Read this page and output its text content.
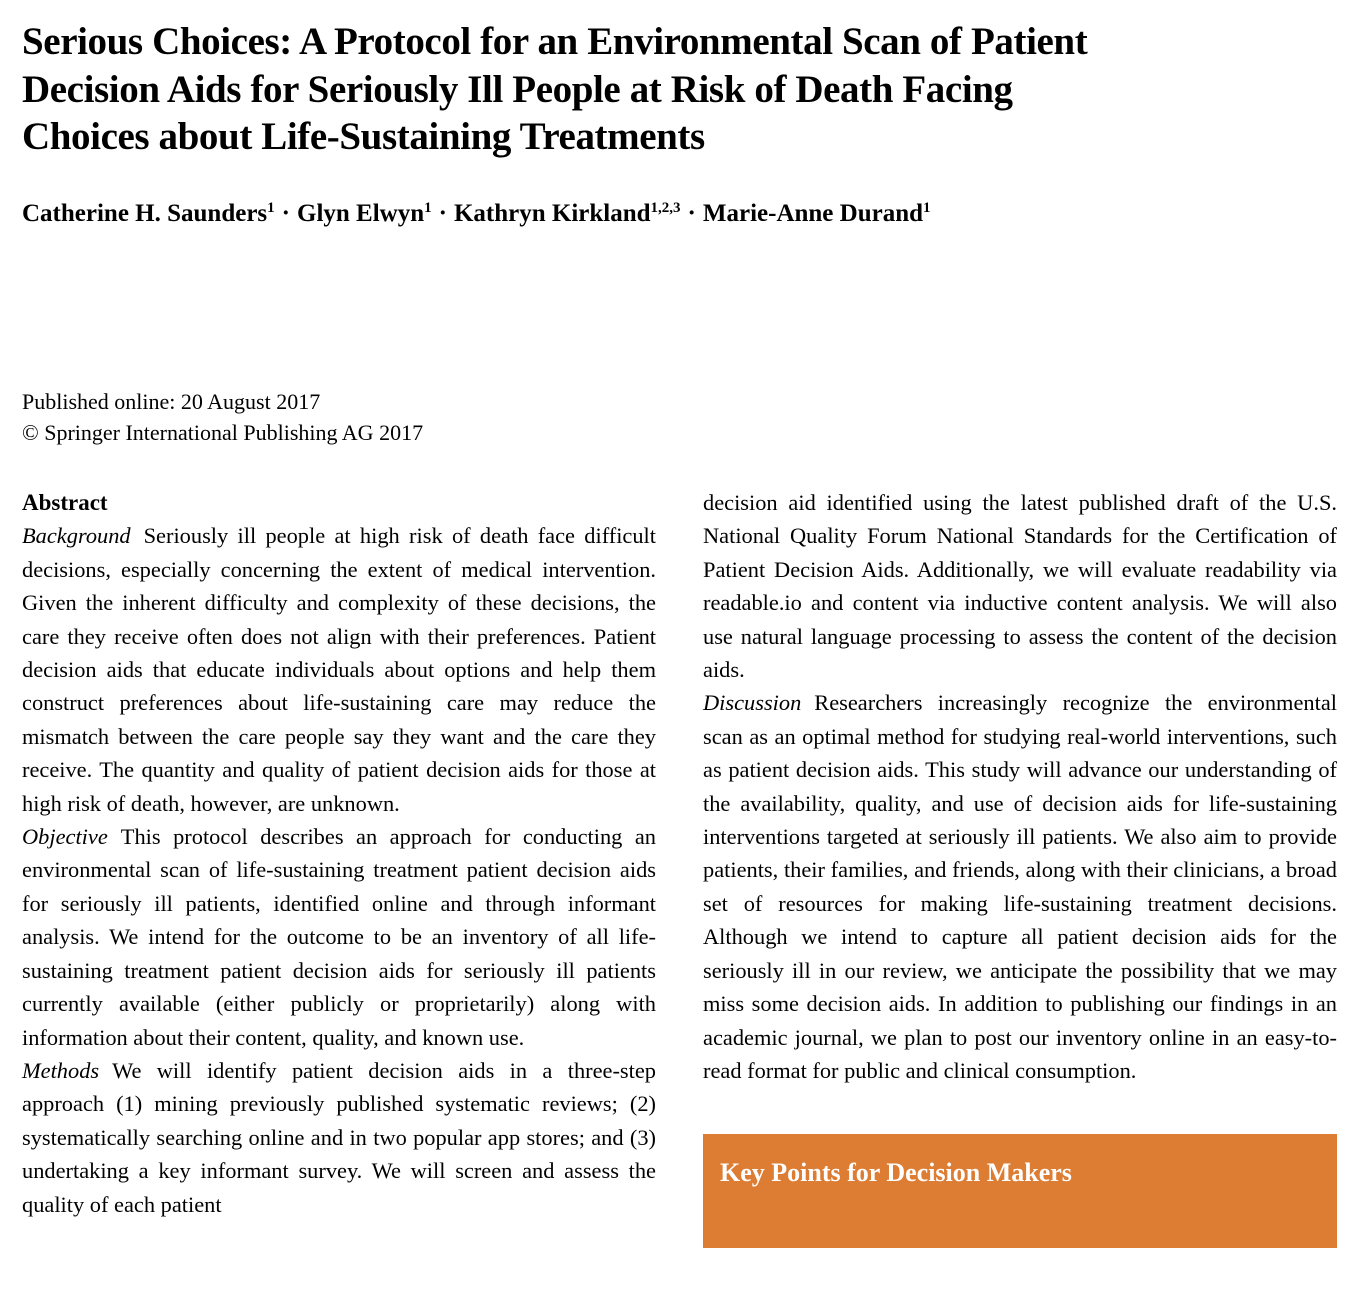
Serious Choices: A Protocol for an Environmental Scan of Patient
Decision Aids for Seriously Ill People at Risk of Death Facing
Choices about Life-Sustaining Treatments
Catherine H. Saunders$^1$ · Glyn Elwyn$^1$ · Kathryn Kirkland$^{1,2,3}$ · Marie-Anne Durand$^1$
Published online: 20 August 2017
© Springer International Publishing AG 2017
Abstract

Background Seriously ill people at high risk of death face difficult decisions, especially concerning the extent of medical intervention. Given the inherent difficulty and complexity of these decisions, the care they receive often does not align with their preferences. Patient decision aids that educate individuals about options and help them construct preferences about life-sustaining care may reduce the mismatch between the care people say they want and the care they receive. The quantity and quality of patient decision aids for those at high risk of death, however, are unknown.

Objective This protocol describes an approach for conducting an environmental scan of life-sustaining treatment patient decision aids for seriously ill patients, identified online and through informant analysis. We intend for the outcome to be an inventory of all life-sustaining treatment patient decision aids for seriously ill patients currently available (either publicly or proprietarily) along with information about their content, quality, and known use.

Methods We will identify patient decision aids in a three-step approach (1) mining previously published systematic reviews; (2) systematically searching online and in two popular app stores; and (3) undertaking a key informant survey. We will screen and assess the quality of each patient

decision aid identified using the latest published draft of the U.S. National Quality Forum National Standards for the Certification of Patient Decision Aids. Additionally, we will evaluate readability via readable.io and content via inductive content analysis. We will also use natural language processing to assess the content of the decision aids.

Discussion Researchers increasingly recognize the environmental scan as an optimal method for studying real-world interventions, such as patient decision aids. This study will advance our understanding of the availability, quality, and use of decision aids for life-sustaining interventions targeted at seriously ill patients. We also aim to provide patients, their families, and friends, along with their clinicians, a broad set of resources for making life-sustaining treatment decisions. Although we intend to capture all patient decision aids for the seriously ill in our review, we anticipate the possibility that we may miss some decision aids. In addition to publishing our findings in an academic journal, we plan to post our inventory online in an easy-to-read format for public and clinical consumption.

Key Points for Decision Makers
